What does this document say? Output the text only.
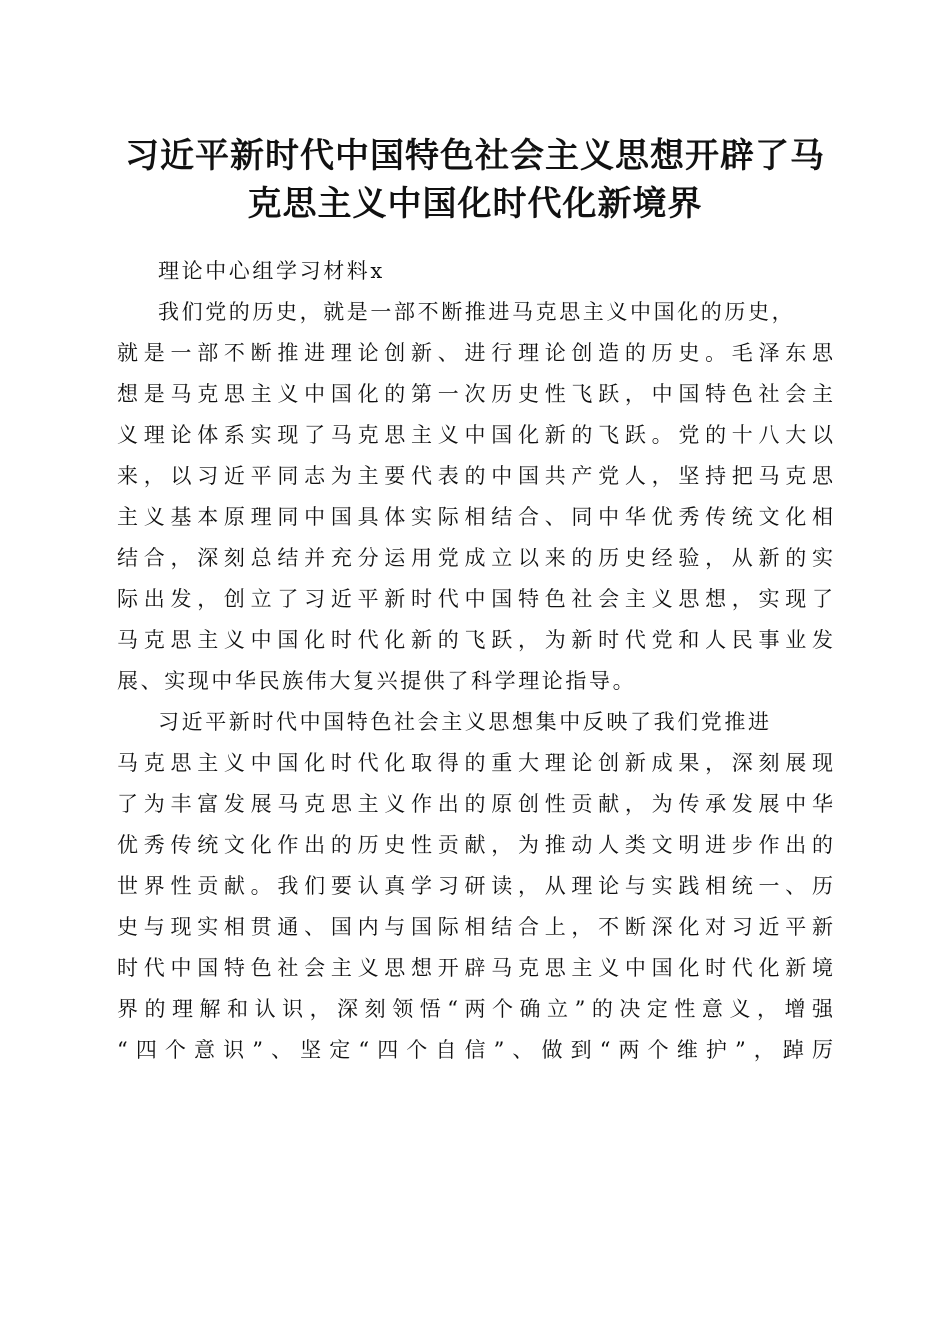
习近平新时代中国特色社会主义思想开辟了马
克思主义中国化时代化新境界
理论中心组学习材料x
我们党的历史，就是一部不断推进马克思主义中国化的历史，
就是一部不断推进理论创新、进行理论创造的历史。毛泽东思
想是马克思主义中国化的第一次历史性飞跃，中国特色社会主
义理论体系实现了马克思主义中国化新的飞跃。党的十八大以
来，以习近平同志为主要代表的中国共产党人，坚持把马克思
主义基本原理同中国具体实际相结合、同中华优秀传统文化相
结合，深刻总结并充分运用党成立以来的历史经验，从新的实
际出发，创立了习近平新时代中国特色社会主义思想，实现了
马克思主义中国化时代化新的飞跃，为新时代党和人民事业发
展、实现中华民族伟大复兴提供了科学理论指导。
习近平新时代中国特色社会主义思想集中反映了我们党推进
马克思主义中国化时代化取得的重大理论创新成果，深刻展现
了为丰富发展马克思主义作出的原创性贡献，为传承发展中华
优秀传统文化作出的历史性贡献，为推动人类文明进步作出的
世界性贡献。我们要认真学习研读，从理论与实践相统一、历
史与现实相贯通、国内与国际相结合上，不断深化对习近平新
时代中国特色社会主义思想开辟马克思主义中国化时代化新境
界的理解和认识，深刻领悟“两个确立”的决定性意义，增强
“四个意识”、坚定“四个自信”、做到“两个维护”，踔厉
